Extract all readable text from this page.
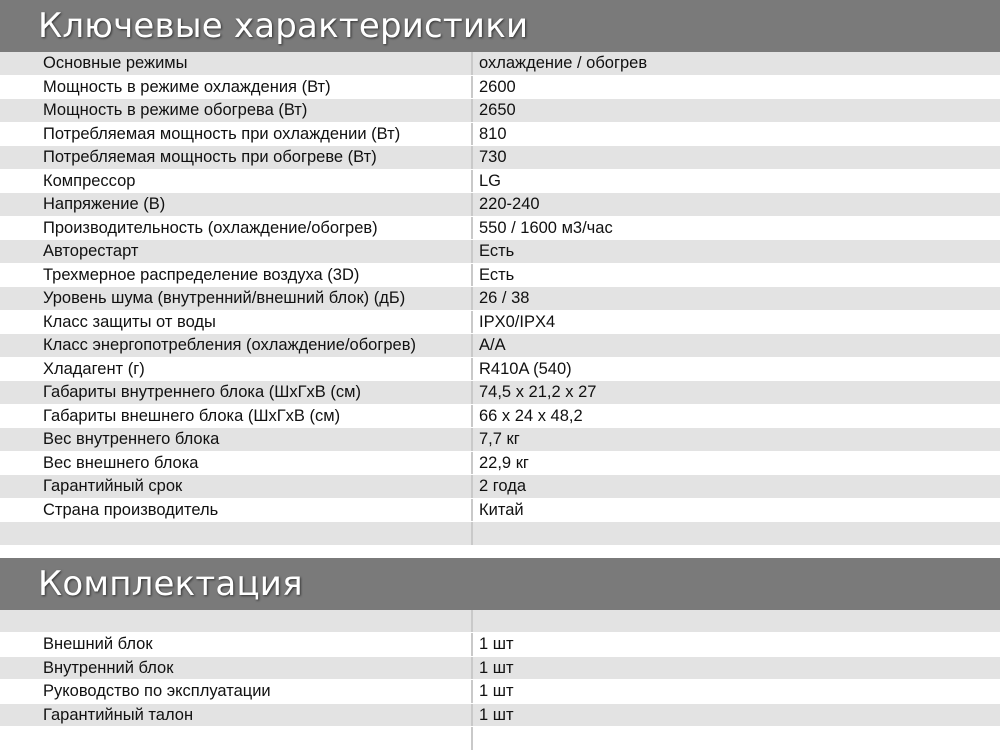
Ключевые характеристики
Основные режимы	охлаждение / обогрев
Мощность в режиме охлаждения (Вт)	2600
Мощность в режиме обогрева (Вт)	2650
Потребляемая мощность при охлаждении (Вт)	810
Потребляемая мощность при обогреве (Вт)	730
Компрессор	LG
Напряжение (В)	220-240
Производительность (охлаждение/обогрев)	550 / 1600 м3/час
Авторестарт	Есть
Трехмерное распределение воздуха (3D)	Есть
Уровень шума (внутренний/внешний блок) (дБ)	26 / 38
Класс защиты от воды	IPX0/IPX4
Класс энергопотребления (охлаждение/обогрев)	A/A
Хладагент (г)	R410A (540)
Габариты внутреннего блока (ШхГхВ (см)	74,5 x 21,2 x 27
Габариты внешнего блока (ШхГхВ (см)	66 x 24 x 48,2
Вес внутреннего блока	7,7 кг
Вес внешнего блока	22,9 кг
Гарантийный срок	2 года
Страна производитель	Китай
Комплектация
Внешний блок	1 шт
Внутренний блок	1 шт
Руководство по эксплуатации	1 шт
Гарантийный талон	1 шт
